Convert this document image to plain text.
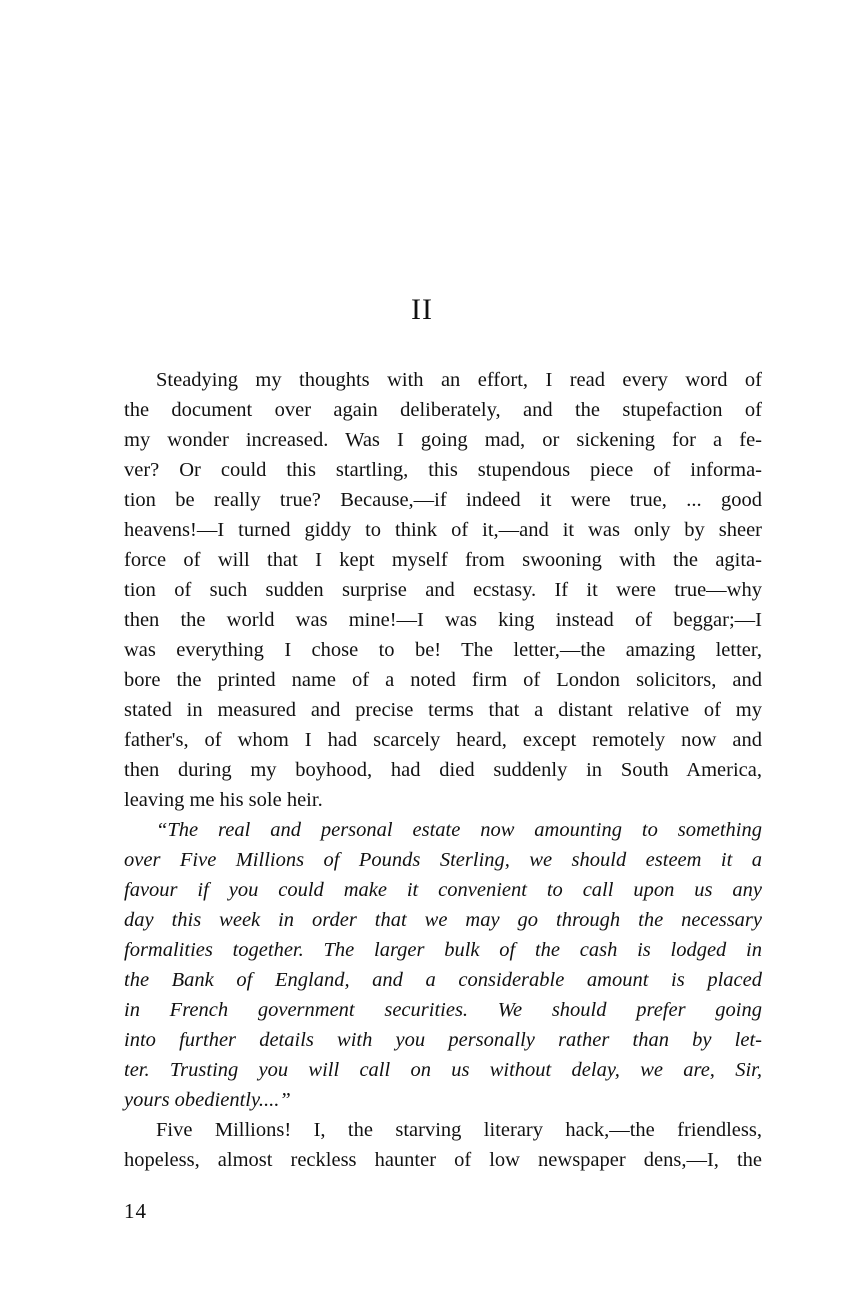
II
Steadying my thoughts with an effort, I read every word of
the document over again deliberately, and the stupefaction of
my wonder increased. Was I going mad, or sickening for a fe-
ver? Or could this startling, this stupendous piece of informa-
tion be really true? Because,—if indeed it were true, ... good
heavens!—I turned giddy to think of it,—and it was only by sheer
force of will that I kept myself from swooning with the agita-
tion of such sudden surprise and ecstasy. If it were true—why
then the world was mine!—I was king instead of beggar;—I
was everything I chose to be! The letter,—the amazing letter,
bore the printed name of a noted firm of London solicitors, and
stated in measured and precise terms that a distant relative of my
father's, of whom I had scarcely heard, except remotely now and
then during my boyhood, had died suddenly in South America,
leaving me his sole heir.
“The real and personal estate now amounting to something
over Five Millions of Pounds Sterling, we should esteem it a
favour if you could make it convenient to call upon us any
day this week in order that we may go through the necessary
formalities together. The larger bulk of the cash is lodged in
the Bank of England, and a considerable amount is placed
in French government securities. We should prefer going
into further details with you personally rather than by let-
ter. Trusting you will call on us without delay, we are, Sir,
yours obediently....”
Five Millions! I, the starving literary hack,—the friendless,
hopeless, almost reckless haunter of low newspaper dens,—I, the
14
